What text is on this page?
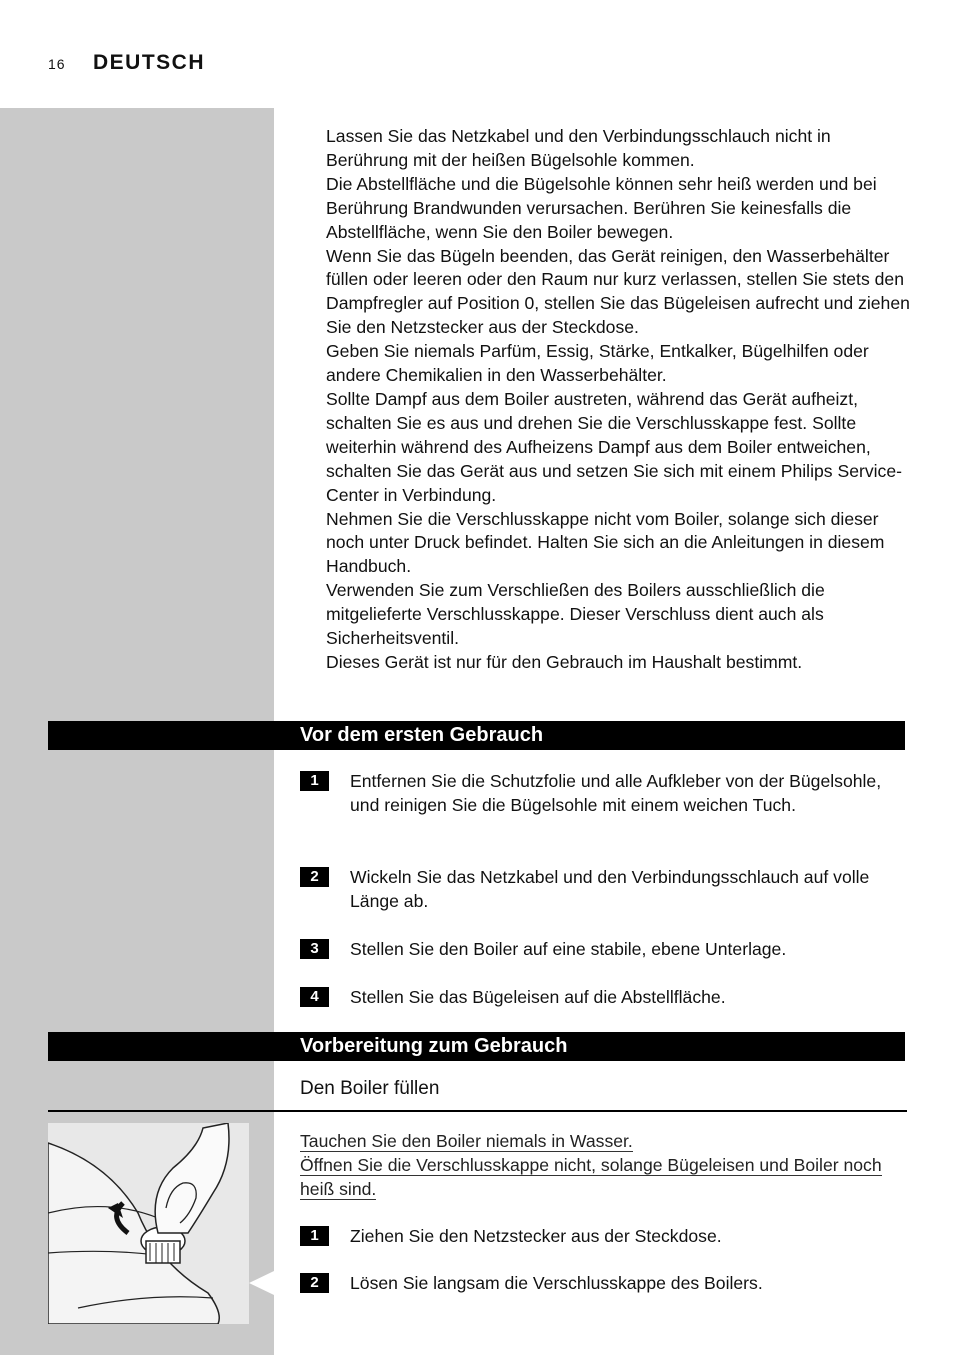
16 DEUTSCH

Lassen Sie das Netzkabel und den Verbindungsschlauch nicht in Berührung mit der heißen Bügelsohle kommen.

Die Abstellfläche und die Bügelsohle können sehr heiß werden und bei Berührung Brandwunden verursachen. Berühren Sie keinesfalls die Abstellfläche, wenn Sie den Boiler bewegen.

Wenn Sie das Bügeln beenden, das Gerät reinigen, den Wasserbehälter füllen oder leeren oder den Raum nur kurz verlassen, stellen Sie stets den Dampfregler auf Position 0, stellen Sie das Bügeleisen aufrecht und ziehen Sie den Netzstecker aus der Steckdose.

Geben Sie niemals Parfüm, Essig, Stärke, Entkalker, Bügelhilfen oder andere Chemikalien in den Wasserbehälter.

Sollte Dampf aus dem Boiler austreten, während das Gerät aufheizt, schalten Sie es aus und drehen Sie die Verschlusskappe fest. Sollte weiterhin während des Aufheizens Dampf aus dem Boiler entweichen, schalten Sie das Gerät aus und setzen Sie sich mit einem Philips Service-Center in Verbindung.

Nehmen Sie die Verschlusskappe nicht vom Boiler, solange sich dieser noch unter Druck befindet. Halten Sie sich an die Anleitungen in diesem Handbuch.

Verwenden Sie zum Verschließen des Boilers ausschließlich die mitgelieferte Verschlusskappe. Dieser Verschluss dient auch als Sicherheitsventil.

Dieses Gerät ist nur für den Gebrauch im Haushalt bestimmt.

Vor dem ersten Gebrauch
1	Entfernen Sie die Schutzfolie und alle Aufkleber von der Bügelsohle, und reinigen Sie die Bügelsohle mit einem weichen Tuch.
2	Wickeln Sie das Netzkabel und den Verbindungsschlauch auf volle Länge ab.
3	Stellen Sie den Boiler auf eine stabile, ebene Unterlage.
4	Stellen Sie das Bügeleisen auf die Abstellfläche.
Vorbereitung zum Gebrauch
Den Boiler füllen

Tauchen Sie den Boiler niemals in Wasser.

Öffnen Sie die Verschlusskappe nicht, solange Bügeleisen und Boiler noch heiß sind.

1	Ziehen Sie den Netzstecker aus der Steckdose.
2	Lösen Sie langsam die Verschlusskappe des Boilers.
